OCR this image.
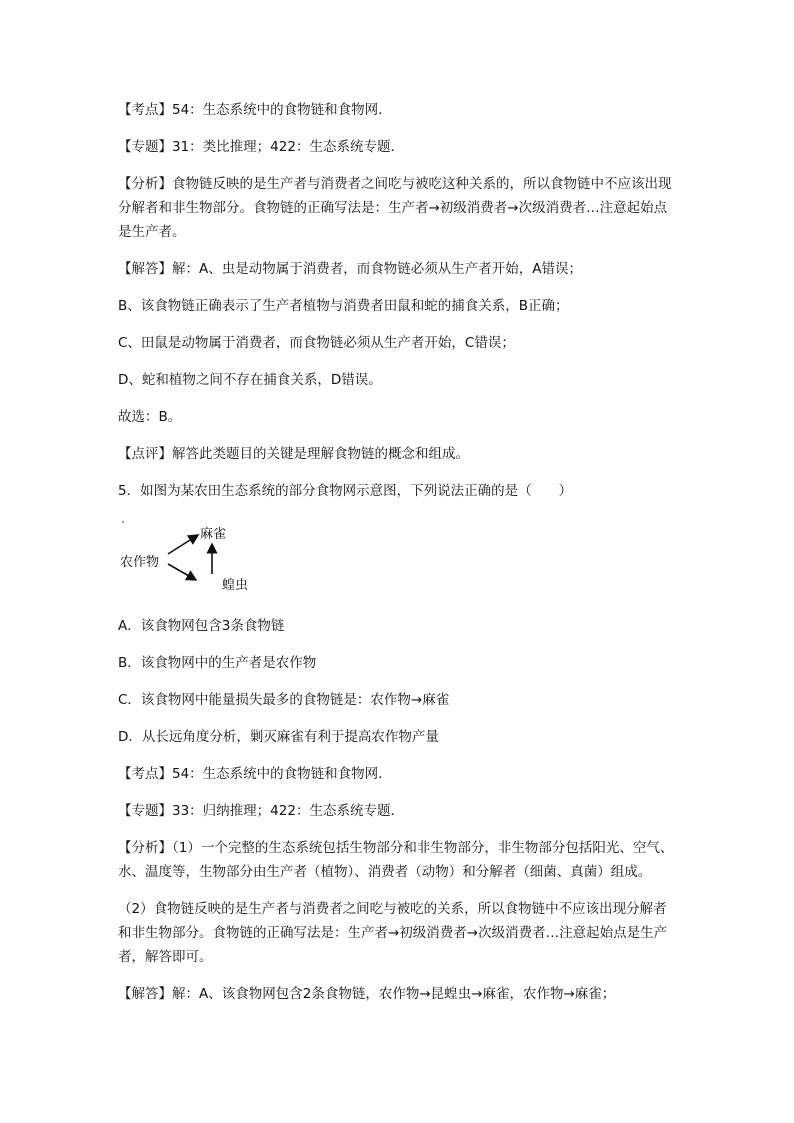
【考点】54：生态系统中的食物链和食物网．

【专题】31：类比推理；422：生态系统专题．

【分析】食物链反映的是生产者与消费者之间吃与被吃这种关系的，所以食物链中不应该出现分解者和非生物部分。食物链的正确写法是：生产者→初级消费者→次级消费者…注意起始点是生产者。

【解答】解：A、虫是动物属于消费者，而食物链必须从生产者开始，A错误；

B、该食物链正确表示了生产者植物与消费者田鼠和蛇的捕食关系，B正确；

C、田鼠是动物属于消费者，而食物链必须从生产者开始，C错误；

D、蛇和植物之间不存在捕食关系，D错误。

故选：B。

【点评】解答此类题目的关键是理解食物链的概念和组成。

5．如图为某农田生态系统的部分食物网示意图，下列说法正确的是（　　）

农作物
麻雀
蝗虫

A．该食物网包含3条食物链

B．该食物网中的生产者是农作物

C．该食物网中能量损失最多的食物链是：农作物→麻雀

D．从长远角度分析，剿灭麻雀有利于提高农作物产量

【考点】54：生态系统中的食物链和食物网．

【专题】33：归纳推理；422：生态系统专题．

【分析】（1）一个完整的生态系统包括生物部分和非生物部分，非生物部分包括阳光、空气、水、温度等，生物部分由生产者（植物）、消费者（动物）和分解者（细菌、真菌）组成。

（2）食物链反映的是生产者与消费者之间吃与被吃的关系，所以食物链中不应该出现分解者和非生物部分。食物链的正确写法是：生产者→初级消费者→次级消费者…注意起始点是生产者，解答即可。

【解答】解：A、该食物网包含2条食物链，农作物→昆蝗虫→麻雀，农作物→麻雀；
